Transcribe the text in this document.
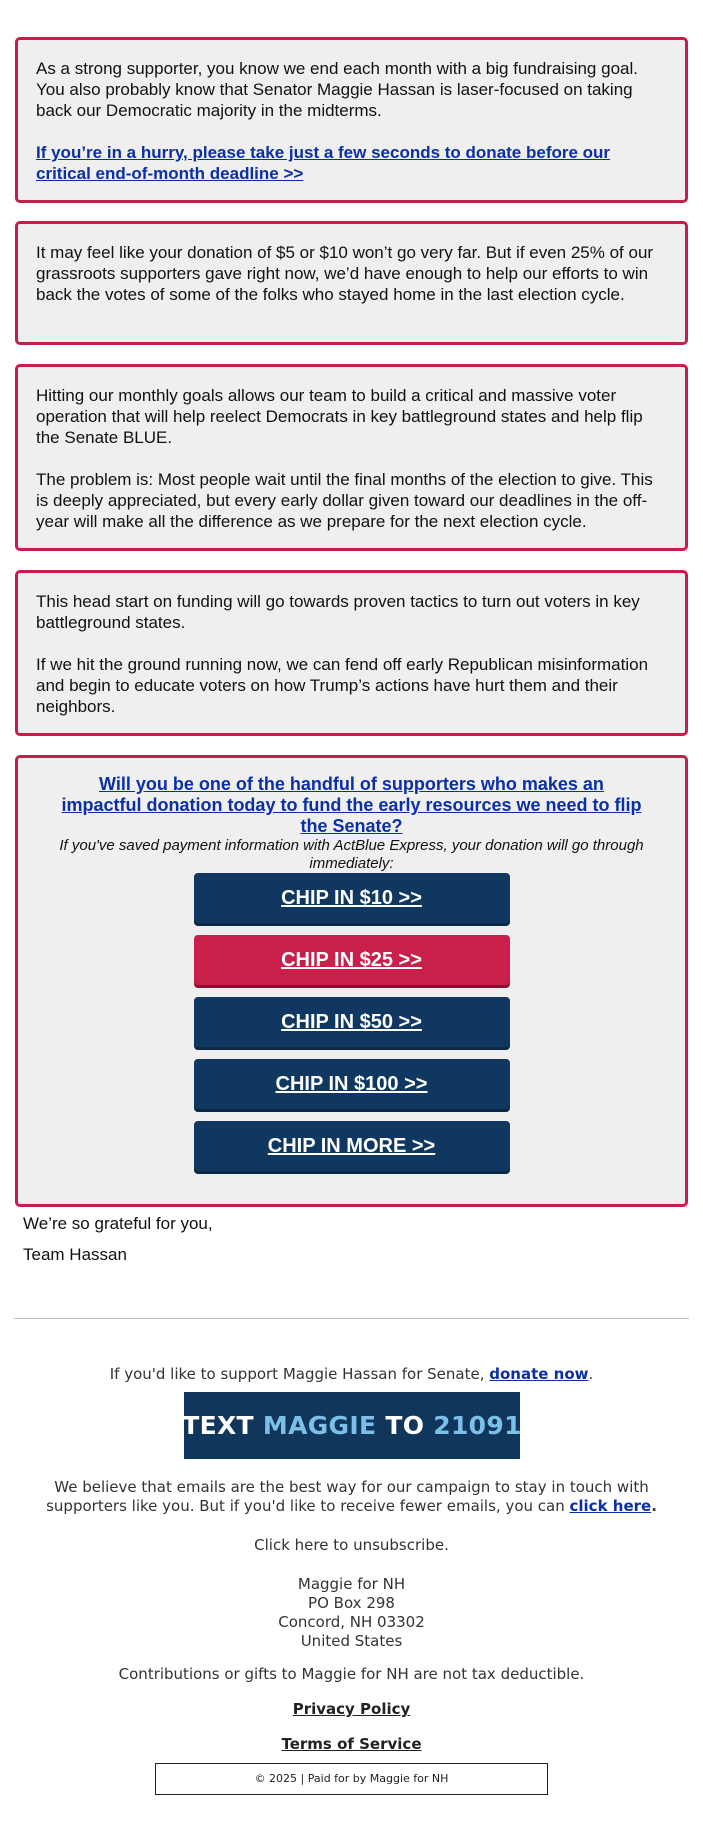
As a strong supporter, you know we end each month with a big fundraising goal. You also probably know that Senator Maggie Hassan is laser-focused on taking back our Democratic majority in the midterms.

If you’re in a hurry, please take just a few seconds to donate before our critical end-of-month deadline >>

It may feel like your donation of $5 or $10 won’t go very far. But if even 25% of our grassroots supporters gave right now, we’d have enough to help our efforts to win back the votes of some of the folks who stayed home in the last election cycle.

Hitting our monthly goals allows our team to build a critical and massive voter operation that will help reelect Democrats in key battleground states and help flip the Senate BLUE.

The problem is: Most people wait until the final months of the election to give. This is deeply appreciated, but every early dollar given toward our deadlines in the off-year will make all the difference as we prepare for the next election cycle.

This head start on funding will go towards proven tactics to turn out voters in key battleground states.

If we hit the ground running now, we can fend off early Republican misinformation and begin to educate voters on how Trump’s actions have hurt them and their neighbors.

Will you be one of the handful of supporters who makes an impactful donation today to fund the early resources we need to flip the Senate?

If you've saved payment information with ActBlue Express, your donation will go through immediately:

CHIP IN $10 >>
CHIP IN $25 >>
CHIP IN $50 >>
CHIP IN $100 >>
CHIP IN MORE >>
We’re so grateful for you,
Team Hassan
If you'd like to support Maggie Hassan for Senate, donate now.
TEXT
MAGGIE
TO
21091
We believe that emails are the best way for our campaign to stay in touch with supporters like you. But if you'd like to receive fewer emails, you can click here.
Click here to unsubscribe.
Maggie for NH
PO Box 298
Concord, NH 03302
United States
Contributions or gifts to Maggie for NH are not tax deductible.
Privacy Policy
Terms of Service
© 2025 | Paid for by Maggie for NH
